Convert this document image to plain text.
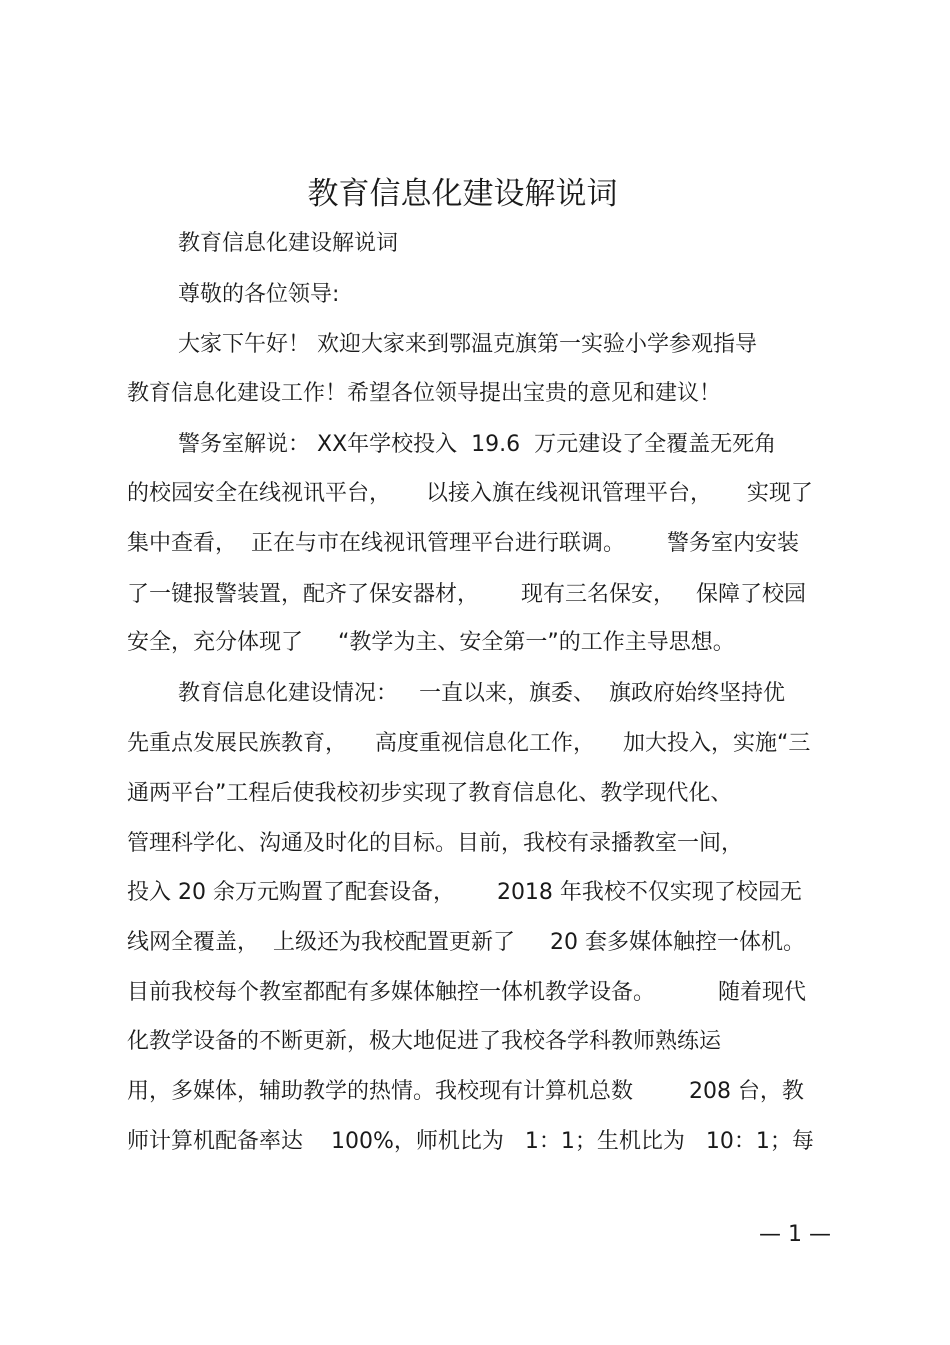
教育信息化建设解说词

教育信息化建设解说词

尊敬的各位领导:

大家下午好！ 欢迎大家来到鄂温克旗第一实验小学参观指导

教育信息化建设工作！希望各位领导提出宝贵的意见和建议！

警务室解说： XX年学校投入  19.6  万元建设了全覆盖无死角

的校园安全在线视讯平台，     以接入旗在线视讯管理平台，     实现了

集中查看，  正在与市在线视讯管理平台进行联调。      警务室内安装

了一键报警装置，配齐了保安器材，      现有三名保安，   保障了校园

安全，充分体现了     “教学为主、安全第一”的工作主导思想。

教育信息化建设情况：   一直以来，旗委、  旗政府始终坚持优

先重点发展民族教育，    高度重视信息化工作，    加大投入，实施“三

通两平台”工程后使我校初步实现了教育信息化、教学现代化、

管理科学化、沟通及时化的目标。目前，我校有录播教室一间，

投入 20 余万元购置了配套设备，      2018 年我校不仅实现了校园无

线网全覆盖，  上级还为我校配置更新了     20 套多媒体触控一体机。

目前我校每个教室都配有多媒体触控一体机教学设备。         随着现代

化教学设备的不断更新，极大地促进了我校各学科教师熟练运

用，多媒体，辅助教学的热情。我校现有计算机总数        208 台，教

师计算机配备率达    100%，师机比为   1：1；生机比为   10：1；每

— 1 —
